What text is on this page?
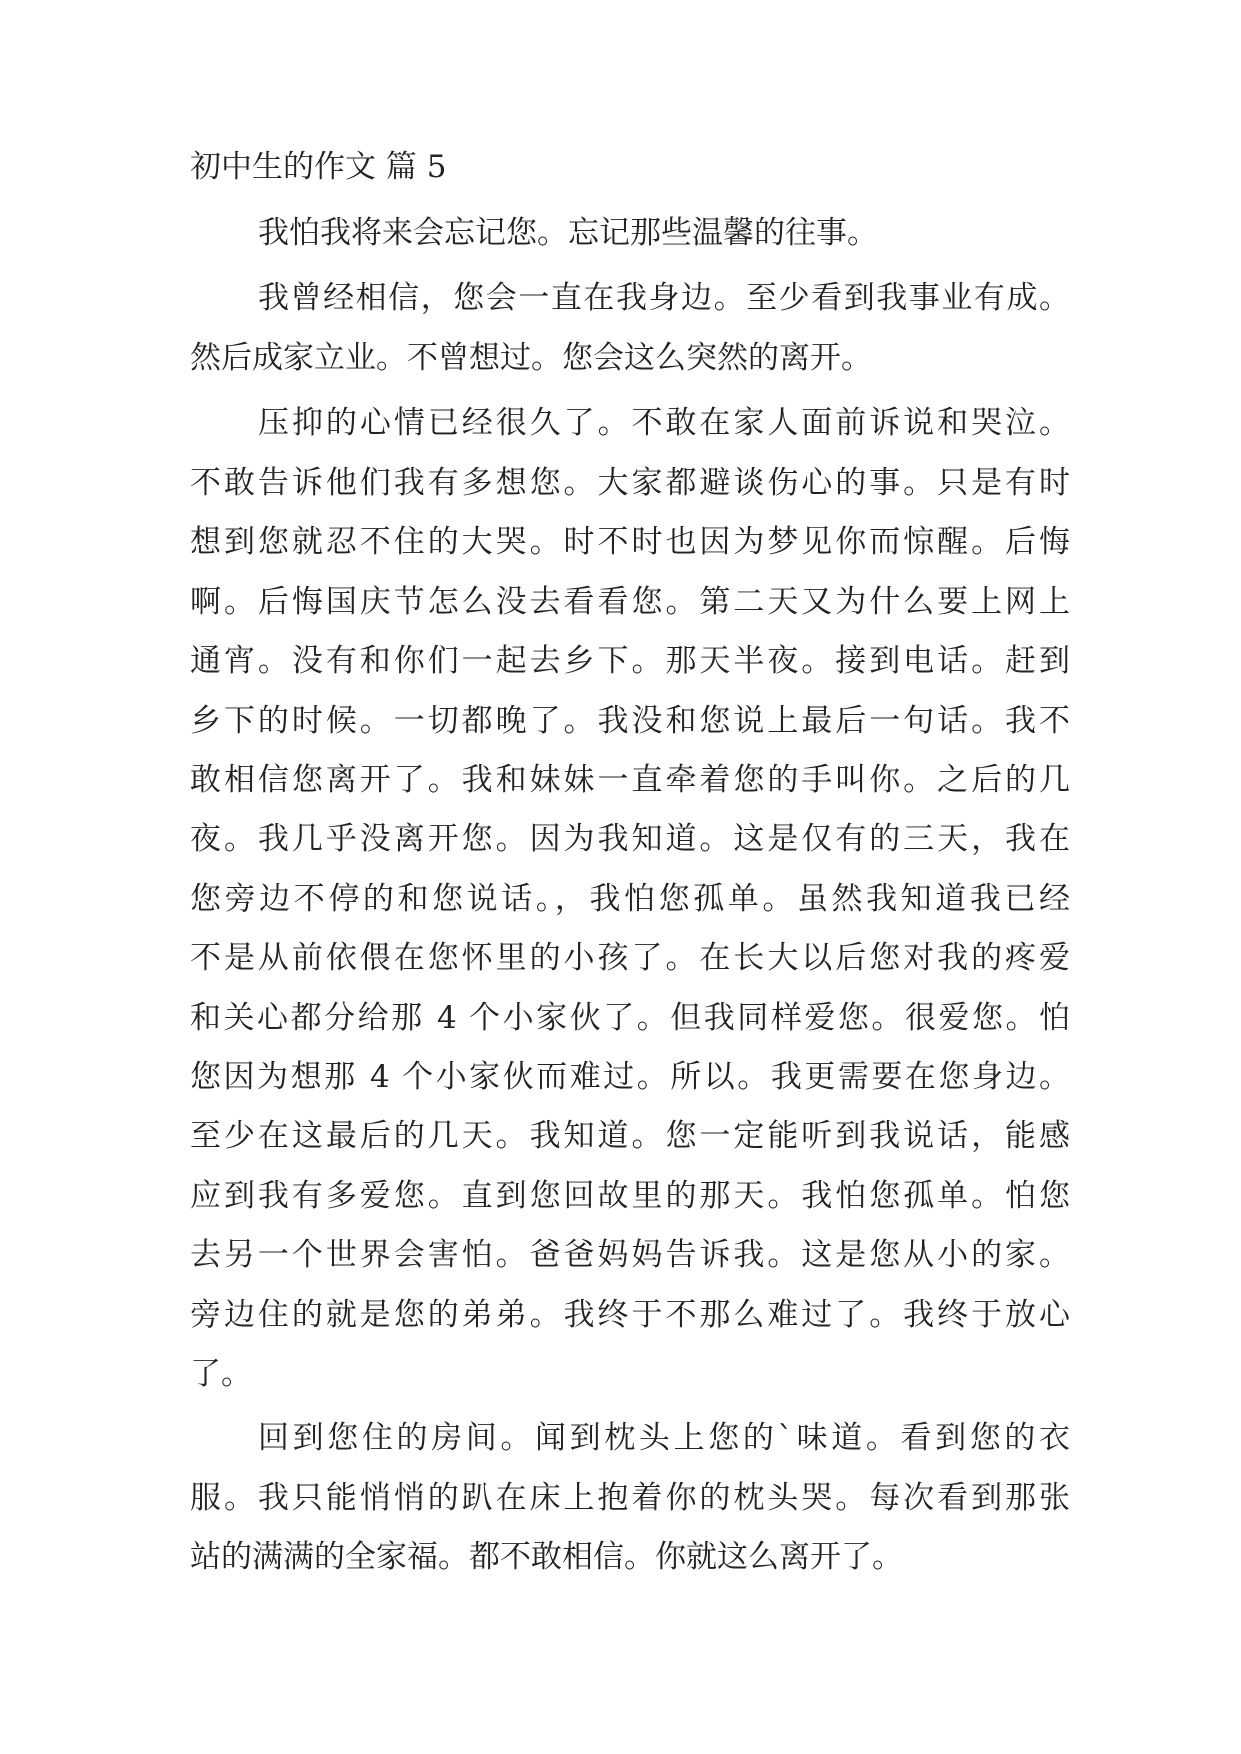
初中生的作文 篇 5
我怕我将来会忘记您。忘记那些温馨的往事。
我曾经相信，您会一直在我身边。至少看到我事业有成。
然后成家立业。不曾想过。您会这么突然的离开。
压抑的心情已经很久了。不敢在家人面前诉说和哭泣。
不敢告诉他们我有多想您。大家都避谈伤心的事。只是有时
想到您就忍不住的大哭。时不时也因为梦见你而惊醒。后悔
啊。后悔国庆节怎么没去看看您。第二天又为什么要上网上
通宵。没有和你们一起去乡下。那天半夜。接到电话。赶到
乡下的时候。一切都晚了。我没和您说上最后一句话。我不
敢相信您离开了。我和妹妹一直牵着您的手叫你。之后的几
夜。我几乎没离开您。因为我知道。这是仅有的三天，我在
您旁边不停的和您说话。，我怕您孤单。虽然我知道我已经
不是从前依偎在您怀里的小孩了。在长大以后您对我的疼爱
和关心都分给那 4 个小家伙了。但我同样爱您。很爱您。怕
您因为想那 4 个小家伙而难过。所以。我更需要在您身边。
至少在这最后的几天。我知道。您一定能听到我说话，能感
应到我有多爱您。直到您回故里的那天。我怕您孤单。怕您
去另一个世界会害怕。爸爸妈妈告诉我。这是您从小的家。
旁边住的就是您的弟弟。我终于不那么难过了。我终于放心
了。
回到您住的房间。闻到枕头上您的`味道。看到您的衣
服。我只能悄悄的趴在床上抱着你的枕头哭。每次看到那张
站的满满的全家福。都不敢相信。你就这么离开了。
